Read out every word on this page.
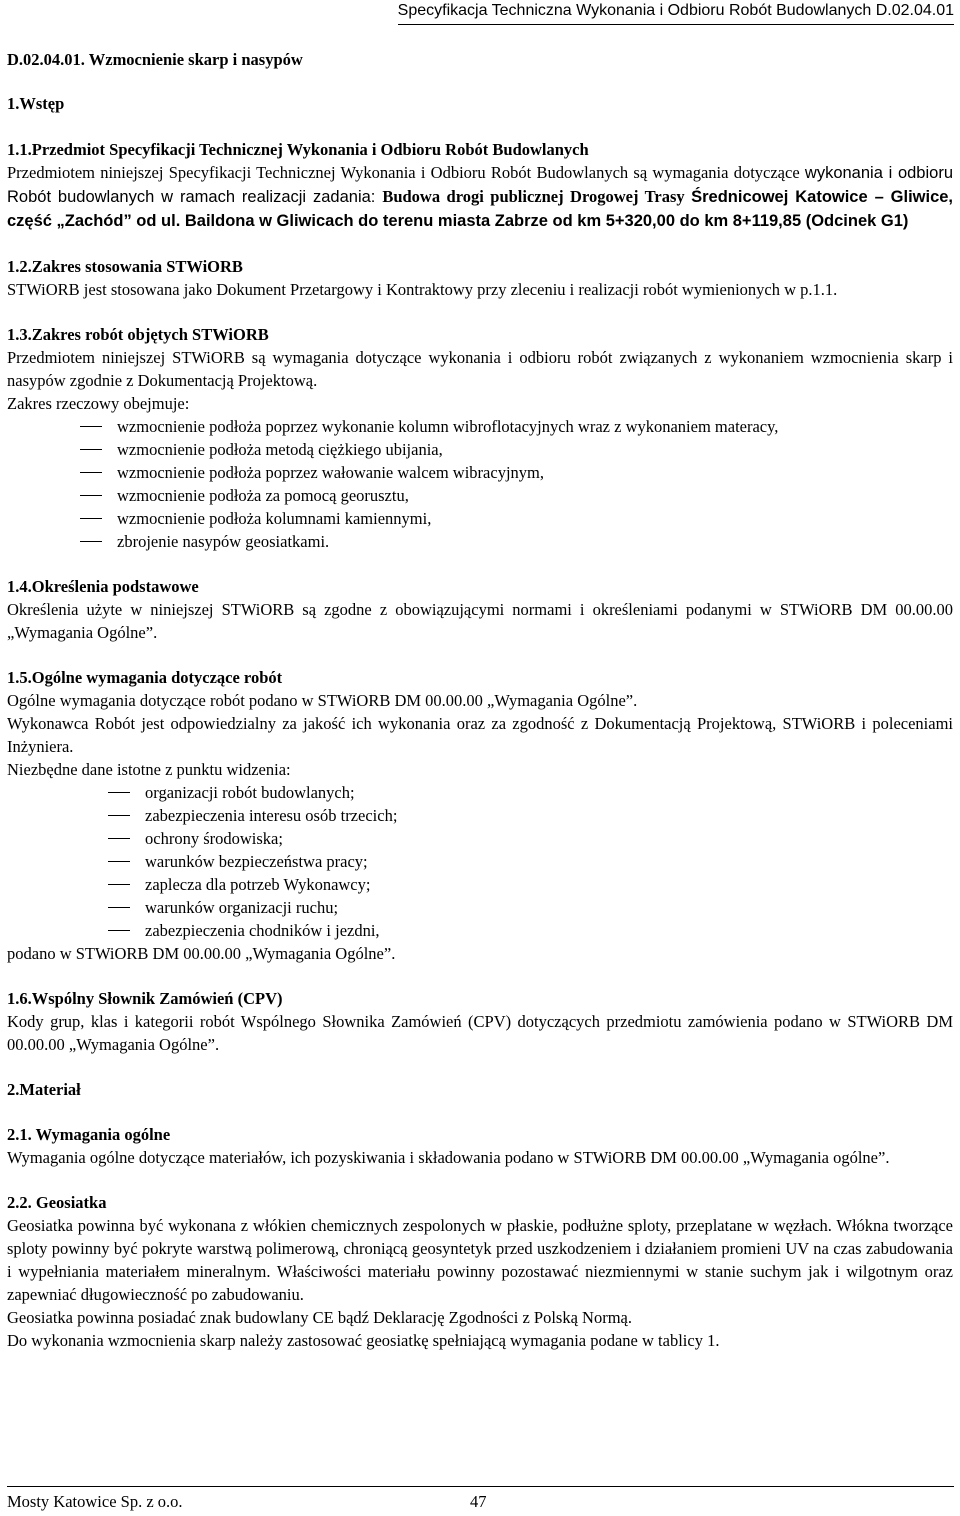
Specyfikacja Techniczna Wykonania i Odbioru Robót Budowlanych D.02.04.01
D.02.04.01. Wzmocnienie skarp i nasypów
1.Wstęp
1.1.Przedmiot Specyfikacji Technicznej Wykonania i Odbioru Robót Budowlanych

Przedmiotem niniejszej Specyfikacji Technicznej Wykonania i Odbioru Robót Budowlanych są wymagania dotyczące wykonania i odbioru Robót budowlanych w ramach realizacji zadania: Budowa drogi publicznej Drogowej Trasy Średnicowej Katowice – Gliwice, część „Zachód” od ul. Baildona w Gliwicach do terenu miasta Zabrze od km 5+320,00 do km 8+119,85 (Odcinek G1)

1.2.Zakres stosowania STWiORB

STWiORB jest stosowana jako Dokument Przetargowy i Kontraktowy przy zleceniu i realizacji robót wymienionych w p.1.1.

1.3.Zakres robót objętych STWiORB

Przedmiotem niniejszej STWiORB są wymagania dotyczące wykonania i odbioru robót związanych z wykonaniem wzmocnienia skarp i nasypów zgodnie z Dokumentacją Projektową.

Zakres rzeczowy obejmuje:
wzmocnienie podłoża poprzez wykonanie kolumn wibroflotacyjnych wraz z wykonaniem materacy,
wzmocnienie podłoża metodą ciężkiego ubijania,
wzmocnienie podłoża poprzez wałowanie walcem wibracyjnym,
wzmocnienie podłoża za pomocą georusztu,
wzmocnienie podłoża kolumnami kamiennymi,
zbrojenie nasypów geosiatkami.
1.4.Określenia podstawowe

Określenia użyte w niniejszej STWiORB są zgodne z obowiązującymi normami i określeniami podanymi w STWiORB DM 00.00.00 „Wymagania Ogólne”.

1.5.Ogólne wymagania dotyczące robót

Ogólne wymagania dotyczące robót podano w STWiORB DM 00.00.00 „Wymagania Ogólne”.

Wykonawca Robót jest odpowiedzialny za jakość ich wykonania oraz za zgodność z Dokumentacją Projektową, STWiORB i poleceniami Inżyniera.

Niezbędne dane istotne z punktu widzenia:
organizacji robót budowlanych;
zabezpieczenia interesu osób trzecich;
ochrony środowiska;
warunków bezpieczeństwa pracy;
zaplecza dla potrzeb Wykonawcy;
warunków organizacji ruchu;
zabezpieczenia chodników i jezdni,
podano w STWiORB DM 00.00.00 „Wymagania Ogólne”.
1.6.Wspólny Słownik Zamówień (CPV)

Kody grup, klas i kategorii robót Wspólnego Słownika Zamówień (CPV) dotyczących przedmiotu zamówienia podano w STWiORB DM 00.00.00 „Wymagania Ogólne”.

2.Materiał
2.1. Wymagania ogólne

Wymagania ogólne dotyczące materiałów, ich pozyskiwania i składowania podano w STWiORB DM 00.00.00 „Wymagania ogólne”.

2.2. Geosiatka

Geosiatka powinna być wykonana z włókien chemicznych zespolonych w płaskie, podłużne sploty, przeplatane w węzłach. Włókna tworzące sploty powinny być pokryte warstwą polimerową, chroniącą geosyntetyk przed uszkodzeniem i działaniem promieni UV na czas zabudowania i wypełniania materiałem mineralnym. Właściwości materiału powinny pozostawać niezmiennymi w stanie suchym jak i wilgotnym oraz zapewniać długowieczność po zabudowaniu.

Geosiatka powinna posiadać znak budowlany CE bądź Deklarację Zgodności z Polską Normą.

Do wykonania wzmocnienia skarp należy zastosować geosiatkę spełniającą wymagania podane w tablicy 1.

Mosty Katowice Sp. z o.o.	47
